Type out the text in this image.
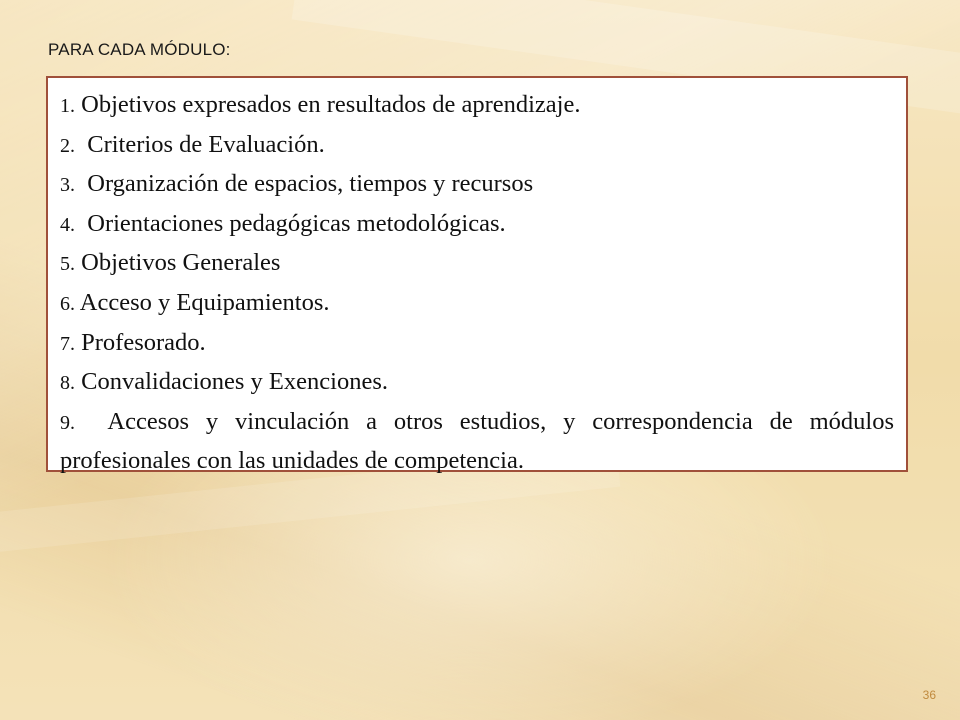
PARA CADA MÓDULO:

1. Objetivos expresados en resultados de aprendizaje.

2.  Criterios de Evaluación.

3.  Organización de espacios, tiempos y recursos

4.  Orientaciones pedagógicas metodológicas.

5. Objetivos Generales

6. Acceso y Equipamientos.

7. Profesorado.

8. Convalidaciones y Exenciones.

9.  Accesos y vinculación a otros estudios, y correspondencia de módulos profesionales con las unidades de competencia.

36
